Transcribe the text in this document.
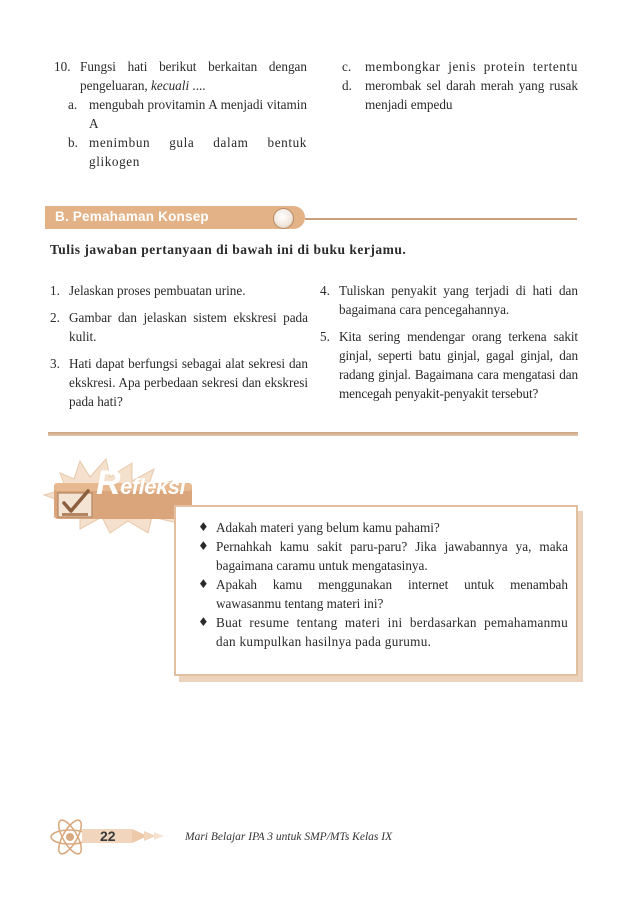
10. Fungsi hati berikut berkaitan dengan pengeluaran, kecuali ....
a. mengubah provitamin A menjadi vitamin A
b. menimbun gula dalam bentuk glikogen
c.	membongkar jenis protein tertentu
d. merombak sel darah merah yang rusak menjadi empedu
B. Pemahaman Konsep
Tulis jawaban pertanyaan di bawah ini di buku kerjamu.
1. Jelaskan proses pembuatan urine.
2. Gambar dan jelaskan sistem ekskresi pada kulit.
3. Hati dapat berfungsi sebagai alat sekresi dan ekskresi. Apa perbedaan sekresi dan ekskresi pada hati?
4. Tuliskan penyakit yang terjadi di hati dan bagaimana cara pencegahannya.
5. Kita sering mendengar orang terkena sakit ginjal, seperti batu ginjal, gagal ginjal, dan radang ginjal. Bagaimana cara mengatasi dan mencegah penyakit-penyakit tersebut?
Refleksi
♦ Adakah materi yang belum kamu pahami?
♦ Pernahkah kamu sakit paru-paru? Jika jawabannya ya, maka bagaimana caramu untuk mengatasinya.
♦ Apakah kamu menggunakan internet untuk menambah wawasanmu tentang materi ini?
♦ Buat resume tentang materi ini berdasarkan pemahamanmu dan kumpulkan hasilnya pada gurumu.
22	Mari Belajar IPA 3 untuk SMP/MTs Kelas IX
